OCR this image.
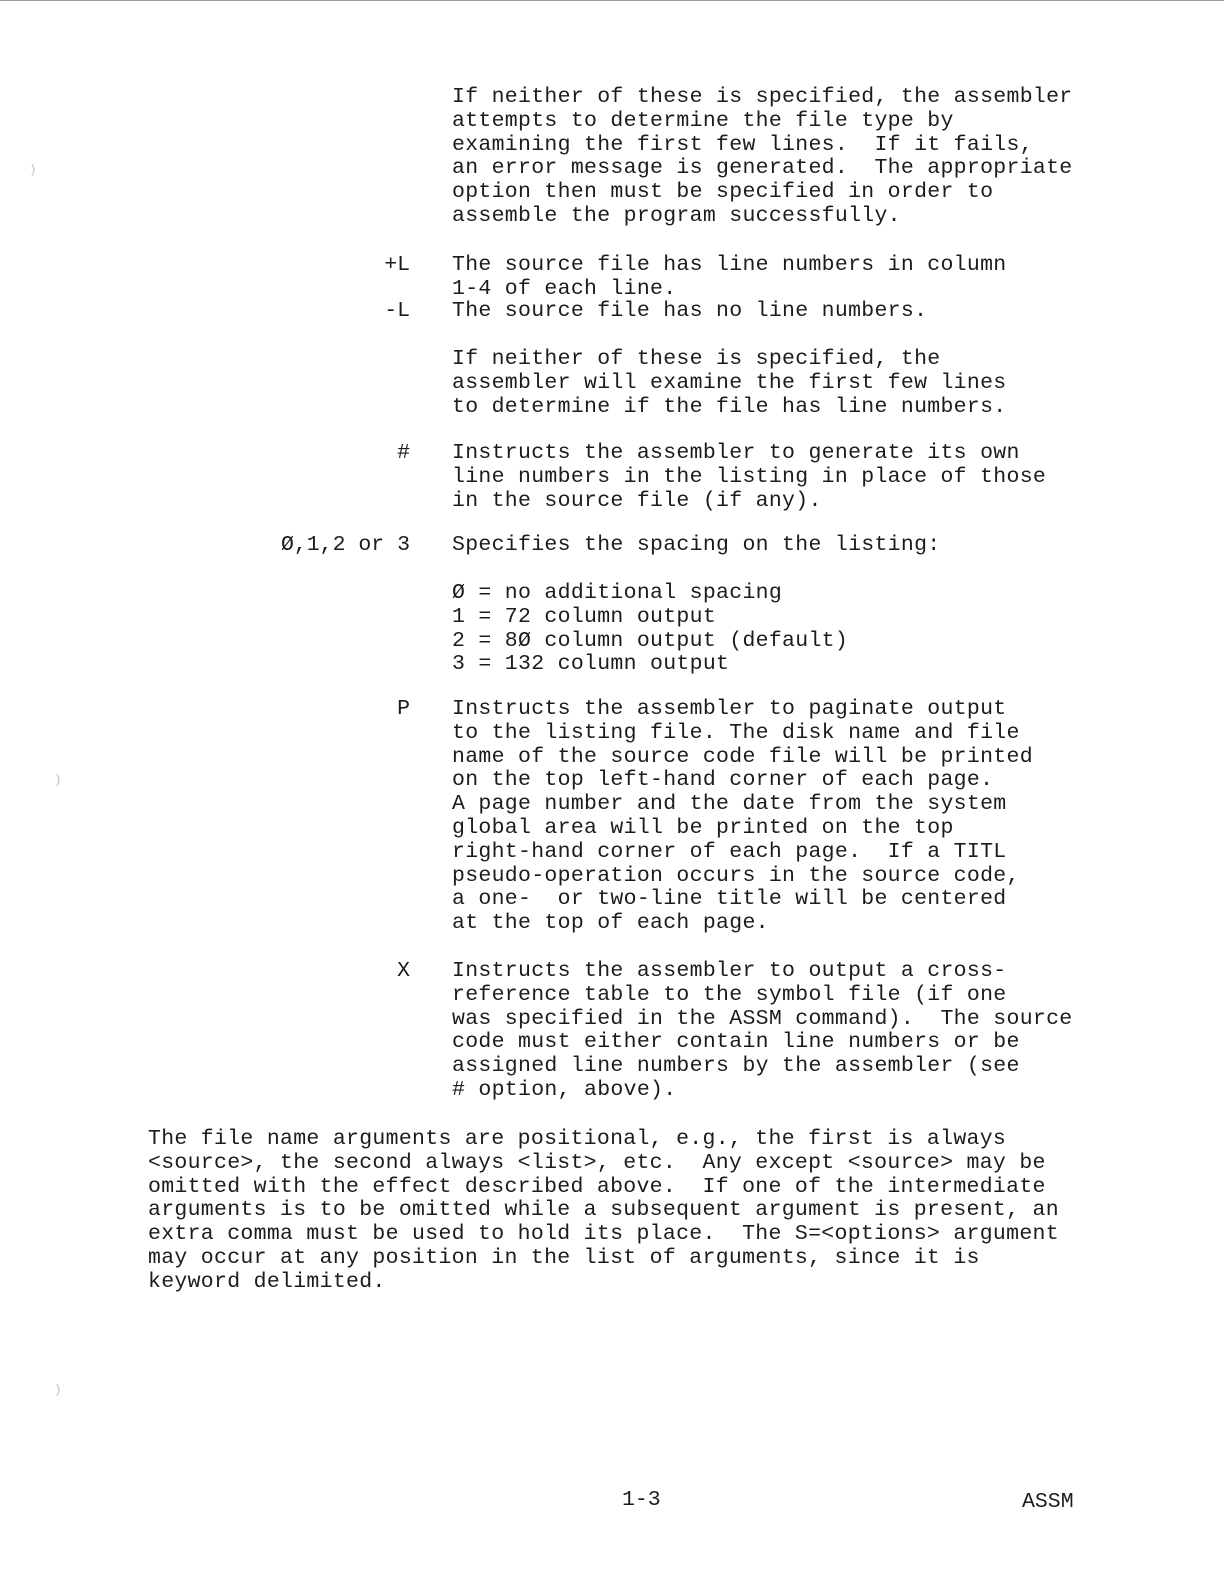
⁾
⁾
⁾
If neither of these is specified, the assembler
attempts to determine the file type by
examining the first few lines.  If it fails,
an error message is generated.  The appropriate
option then must be specified in order to
assemble the program successfully.
+L The source file has line numbers in column
1-4 of each line.
-L The source file has no line numbers.
If neither of these is specified, the
assembler will examine the first few lines
to determine if the file has line numbers.
# Instructs the assembler to generate its own
line numbers in the listing in place of those
in the source file (if any).
Ø,1,2 or 3 Specifies the spacing on the listing:
Ø = no additional spacing
1 = 72 column output
2 = 8Ø column output (default)
3 = 132 column output
P Instructs the assembler to paginate output
to the listing file. The disk name and file
name of the source code file will be printed
on the top left-hand corner of each page.
A page number and the date from the system
global area will be printed on the top
right-hand corner of each page.  If a TITL
pseudo-operation occurs in the source code,
a one-  or two-line title will be centered
at the top of each page.
X Instructs the assembler to output a cross-
reference table to the symbol file (if one
was specified in the ASSM command).  The source
code must either contain line numbers or be
assigned line numbers by the assembler (see
# option, above).
The file name arguments are positional, e.g., the first is always
<source>, the second always <list>, etc.  Any except <source> may be
omitted with the effect described above.  If one of the intermediate
arguments is to be omitted while a subsequent argument is present, an
extra comma must be used to hold its place.  The S=<options> argument
may occur at any position in the list of arguments, since it is
keyword delimited.
1-3	ASSM
